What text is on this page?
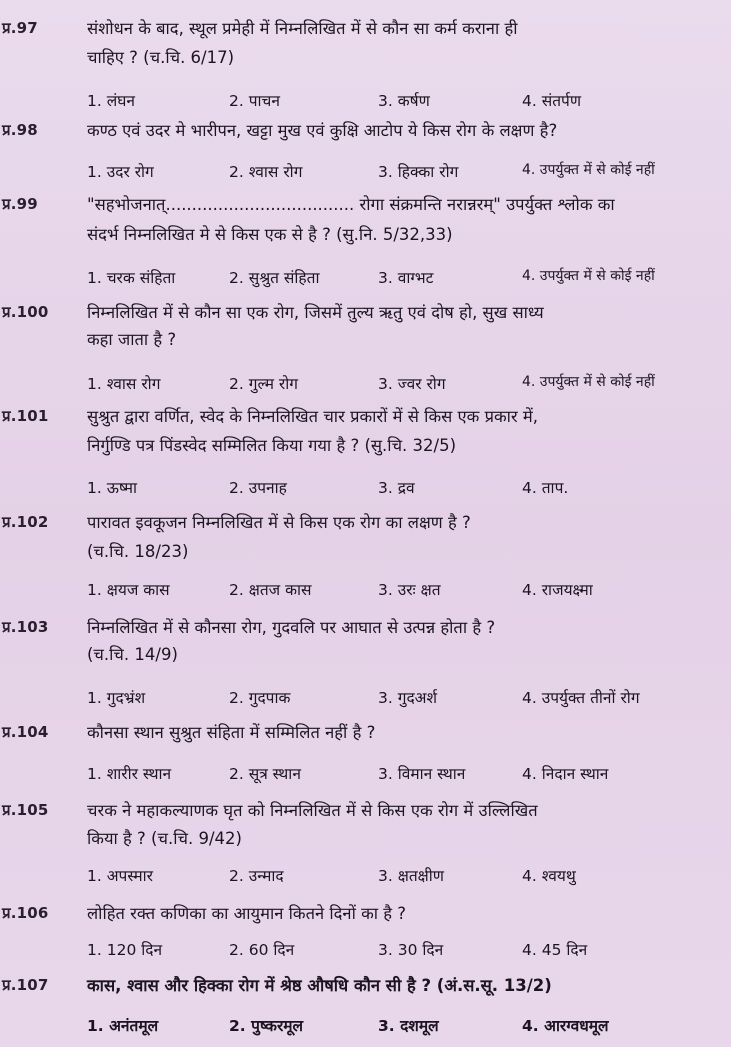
प्र.97	संशोधन के बाद, स्थूल प्रमेही में निम्नलिखित में से कौन सा कर्म कराना ही
चाहिए ? (च.चि. 6/17)
1. लंघन	2. पाचन	3. कर्षण	4. संतर्पण
प्र.98	कण्ठ एवं उदर मे भारीपन, खट्टा मुख एवं कुक्षि आटोप ये किस रोग के लक्षण है?
1. उदर रोग	2. श्वास रोग	3. हिक्का रोग	4. उपर्युक्त में से कोई नहीं
प्र.99	"सहभोजनात्.................................... रोगा संक्रमन्ति नरान्नरम्" उपर्युक्त श्लोक का
संदर्भ निम्नलिखित मे से किस एक से है ? (सु.नि. 5/32,33)
1. चरक संहिता	2. सुश्रुत संहिता	3. वाग्भट	4. उपर्युक्त में से कोई नहीं
प्र.100 निम्नलिखित में से कौन सा एक रोग, जिसमें तुल्य ऋतु एवं दोष हो, सुख साध्य
कहा जाता है ?
1. श्वास रोग	2. गुल्म रोग	3. ज्वर रोग	4. उपर्युक्त में से कोई नहीं
प्र.101 सुश्रुत द्वारा वर्णित, स्वेद के निम्नलिखित चार प्रकारों में से किस एक प्रकार में,
निर्गुण्डि पत्र पिंडस्वेद सम्मिलित किया गया है ? (सु.चि. 32/5)
1. ऊष्मा	2. उपनाह	3. द्रव	4. ताप.
प्र.102 पारावत इवकूजन निम्नलिखित में से किस एक रोग का लक्षण है ?
(च.चि. 18/23)
1. क्षयज कास	2. क्षतज कास	3. उरः क्षत	4. राजयक्ष्मा
प्र.103 निम्नलिखित में से कौनसा रोग, गुदवलि पर आघात से उत्पन्न होता है ?
(च.चि. 14/9)
1. गुदभ्रंश	2. गुदपाक	3. गुदअर्श	4. उपर्युक्त तीनों रोग
प्र.104 कौनसा स्थान सुश्रुत संहिता में सम्मिलित नहीं है ?
1. शारीर स्थान	2. सूत्र स्थान	3. विमान स्थान	4. निदान स्थान
प्र.105 चरक ने महाकल्याणक घृत को निम्नलिखित में से किस एक रोग में उल्लिखित
किया है ? (च.चि. 9/42)
1. अपस्मार	2. उन्माद	3. क्षतक्षीण	4. श्वयथु
प्र.106 लोहित रक्त कणिका का आयुमान कितने दिनों का है ?
1. 120 दिन	2. 60 दिन	3. 30 दिन	4. 45 दिन
प्र.107 कास, श्वास और हिक्का रोग में श्रेष्ठ औषधि कौन सी है ? (अं.स.सू. 13/2)
1. अनंतमूल	2. पुष्करमूल	3. दशमूल	4. आरग्वधमूल
